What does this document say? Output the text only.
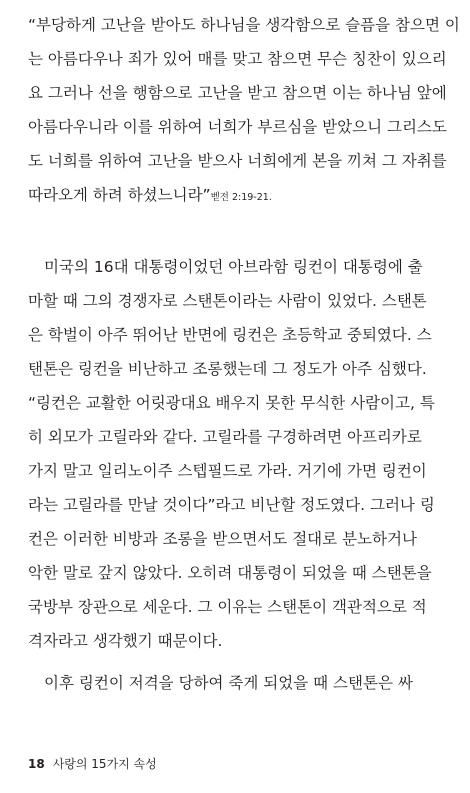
“부당하게 고난을 받아도 하나님을 생각함으로 슬픔을 참으면 이
는 아름다우나 죄가 있어 매를 맞고 참으면 무슨 칭찬이 있으리
요 그러나 선을 행함으로 고난을 받고 참으면 이는 하나님 앞에
아름다우니라 이를 위하여 너희가 부르심을 받았으니 그리스도
도 너희를 위하여 고난을 받으사 너희에게 본을 끼쳐 그 자취를
따라오게 하려 하셨느니라”벧전 2:19-21.
미국의 16대 대통령이었던 아브라함 링컨이 대통령에 출
마할 때 그의 경쟁자로 스탠톤이라는 사람이 있었다. 스탠톤
은 학벌이 아주 뛰어난 반면에 링컨은 초등학교 중퇴였다. 스
탠톤은 링컨을 비난하고 조롱했는데 그 정도가 아주 심했다.
“링컨은 교활한 어릿광대요 배우지 못한 무식한 사람이고, 특
히 외모가 고릴라와 같다. 고릴라를 구경하려면 아프리카로
가지 말고 일리노이주 스텝필드로 가라. 거기에 가면 링컨이
라는 고릴라를 만날 것이다”라고 비난할 정도였다. 그러나 링
컨은 이러한 비방과 조롱을 받으면서도 절대로 분노하거나
악한 말로 갚지 않았다. 오히려 대통령이 되었을 때 스탠톤을
국방부 장관으로 세운다. 그 이유는 스탠톤이 객관적으로 적
격자라고 생각했기 때문이다.
이후 링컨이 저격을 당하여 죽게 되었을 때 스탠톤은 싸
18 사랑의 15가지 속성
